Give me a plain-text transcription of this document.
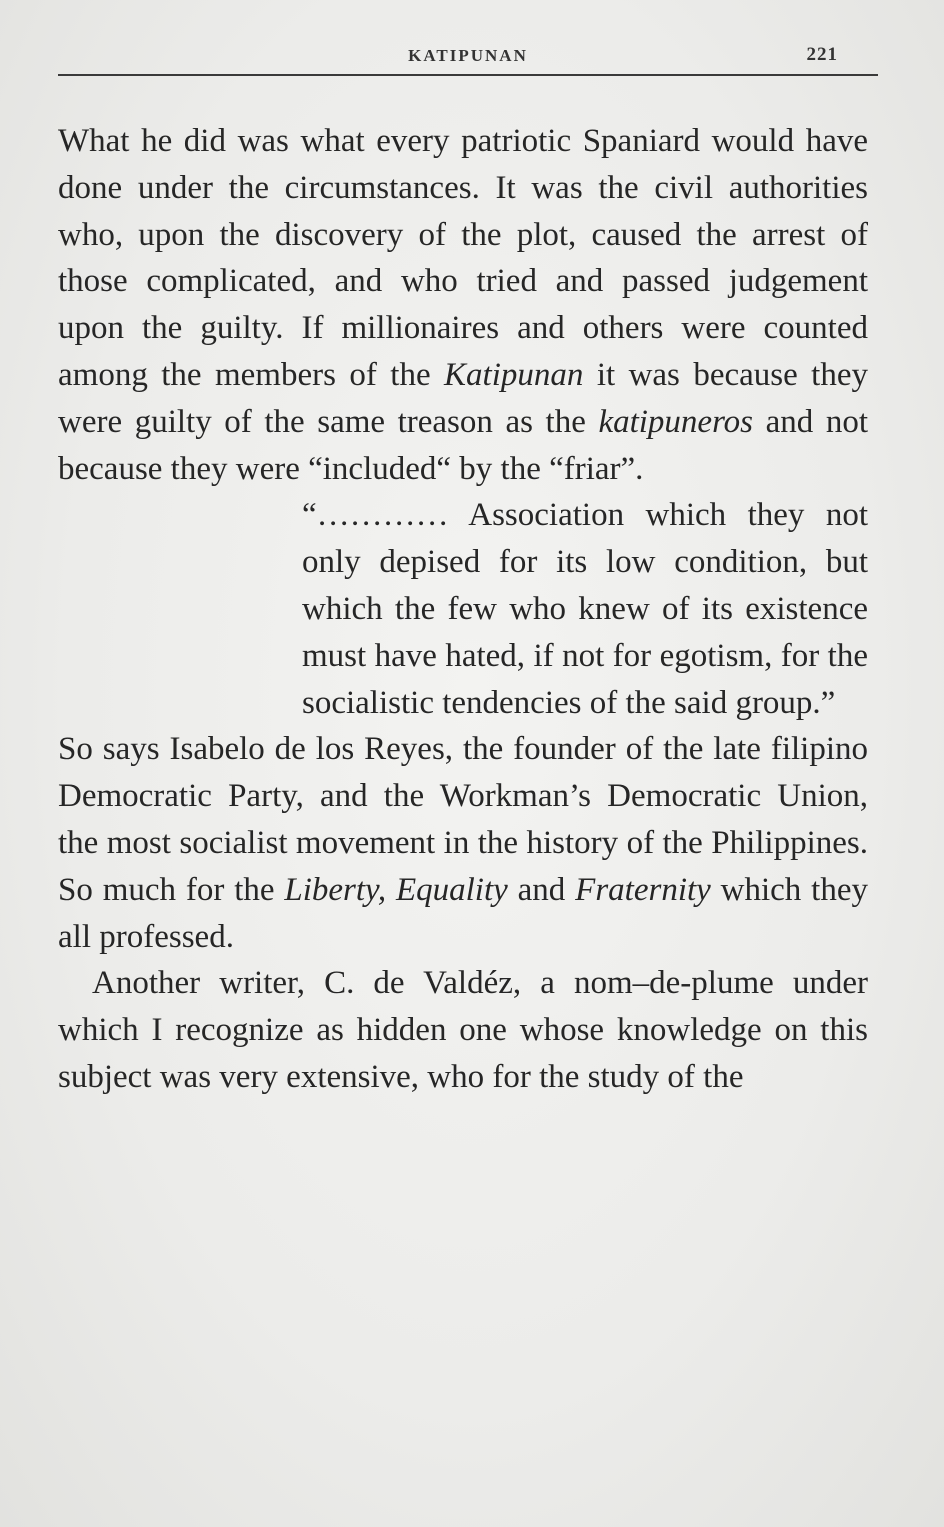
KATIPUNAN	221

What he did was what every patriotic Spaniard would have done under the circumstances. It was the civil authorities who, upon the discovery of the plot, caused the arrest of those complicated, and who tried and passed judgement upon the guilty. If millionaires and others were counted among the members of the Katipunan it was because they were guilty of the same treason as the katipuneros and not because they were “included“ by the “friar”.

“………… Association which they not only depised for its low condition, but which the few who knew of its existence must have hated, if not for egotism, for the socialistic tendencies of the said group.”

So says Isabelo de los Reyes, the founder of the late filipino Democratic Party, and the Workman’s Democratic Union, the most socialist movement in the history of the Philippines. So much for the Liberty, Equality and Fraternity which they all professed.

Another writer, C. de Valdéz, a nom–de-plume under which I recognize as hidden one whose knowledge on this subject was very extensive, who for the study of the
